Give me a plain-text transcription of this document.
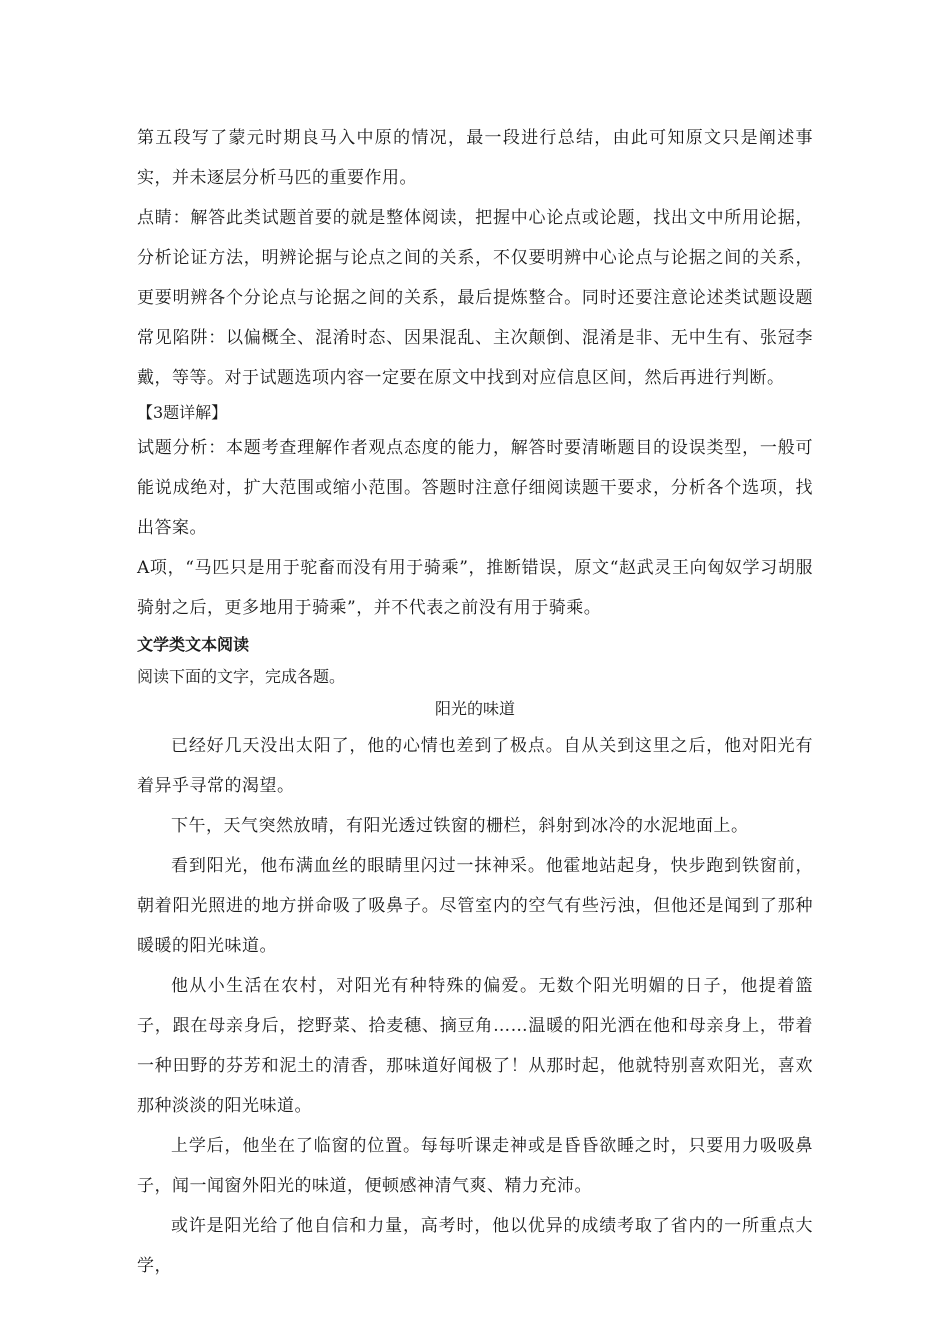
第五段写了蒙元时期良马入中原的情况，最一段进行总结，由此可知原文只是阐述事实，并未逐层分析马匹的重要作用。

点睛：解答此类试题首要的就是整体阅读，把握中心论点或论题，找出文中所用论据，分析论证方法，明辨论据与论点之间的关系，不仅要明辨中心论点与论据之间的关系，更要明辨各个分论点与论据之间的关系，最后提炼整合。同时还要注意论述类试题设题常见陷阱：以偏概全、混淆时态、因果混乱、主次颠倒、混淆是非、无中生有、张冠李戴，等等。对于试题选项内容一定要在原文中找到对应信息区间，然后再进行判断。

【3题详解】

试题分析：本题考查理解作者观点态度的能力，解答时要清晰题目的设误类型，一般可能说成绝对，扩大范围或缩小范围。答题时注意仔细阅读题干要求，分析各个选项，找出答案。

A项，“马匹只是用于驼畜而没有用于骑乘”，推断错误，原文“赵武灵王向匈奴学习胡服骑射之后，更多地用于骑乘”，并不代表之前没有用于骑乘。

文学类文本阅读

阅读下面的文字，完成各题。

阳光的味道

已经好几天没出太阳了，他的心情也差到了极点。自从关到这里之后，他对阳光有着异乎寻常的渴望。

下午，天气突然放晴，有阳光透过铁窗的栅栏，斜射到冰冷的水泥地面上。

看到阳光，他布满血丝的眼睛里闪过一抹神采。他霍地站起身，快步跑到铁窗前，朝着阳光照进的地方拼命吸了吸鼻子。尽管室内的空气有些污浊，但他还是闻到了那种暖暖的阳光味道。

他从小生活在农村，对阳光有种特殊的偏爱。无数个阳光明媚的日子，他提着篮子，跟在母亲身后，挖野菜、拾麦穗、摘豆角……温暖的阳光洒在他和母亲身上，带着一种田野的芬芳和泥土的清香，那味道好闻极了！从那时起，他就特别喜欢阳光，喜欢那种淡淡的阳光味道。

上学后，他坐在了临窗的位置。每每听课走神或是昏昏欲睡之时，只要用力吸吸鼻子，闻一闻窗外阳光的味道，便顿感神清气爽、精力充沛。

或许是阳光给了他自信和力量，高考时，他以优异的成绩考取了省内的一所重点大学，
